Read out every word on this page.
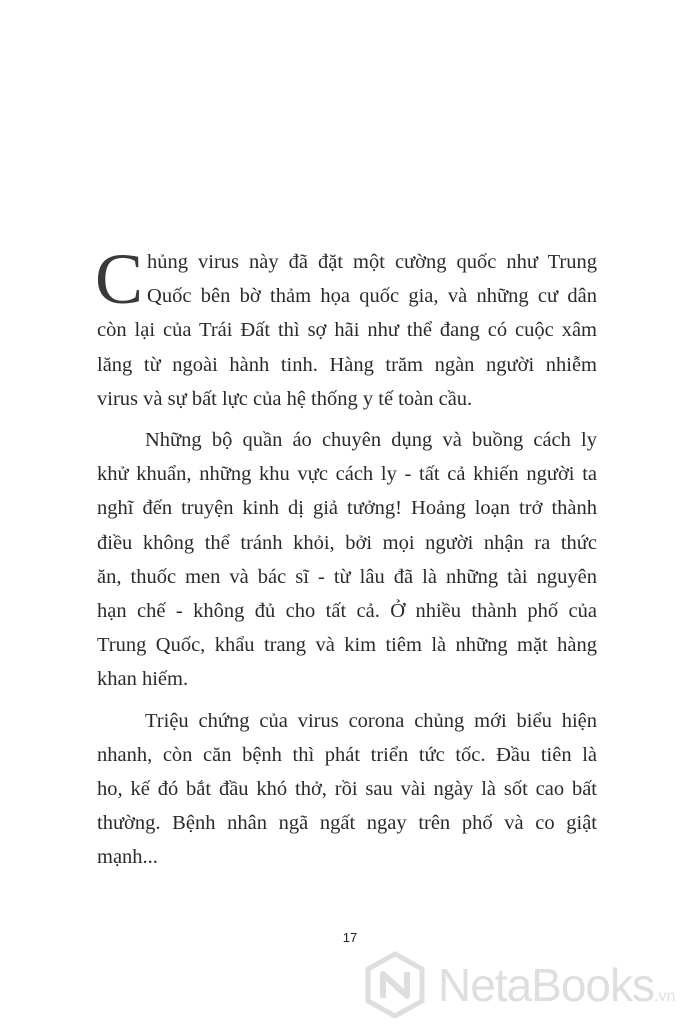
C hủng virus này đã đặt một cường quốc như Trung
Quốc bên bờ thảm họa quốc gia, và những cư dân
còn lại của Trái Đất thì sợ hãi như thể đang có cuộc xâm
lăng từ ngoài hành tinh. Hàng trăm ngàn người nhiễm
virus và sự bất lực của hệ thống y tế toàn cầu.

Những bộ quần áo chuyên dụng và buồng cách ly
khử khuẩn, những khu vực cách ly - tất cả khiến người ta
nghĩ đến truyện kinh dị giả tưởng! Hoảng loạn trở thành
điều không thể tránh khỏi, bởi mọi người nhận ra thức
ăn, thuốc men và bác sĩ - từ lâu đã là những tài nguyên
hạn chế - không đủ cho tất cả. Ở nhiều thành phố của
Trung Quốc, khẩu trang và kim tiêm là những mặt hàng
khan hiếm.

Triệu chứng của virus corona chủng mới biểu hiện
nhanh, còn căn bệnh thì phát triển tức tốc. Đầu tiên là
ho, kế đó bắt đầu khó thở, rồi sau vài ngày là sốt cao bất
thường. Bệnh nhân ngã ngất ngay trên phố và co giật
mạnh...

17
NetaBooks.vn
